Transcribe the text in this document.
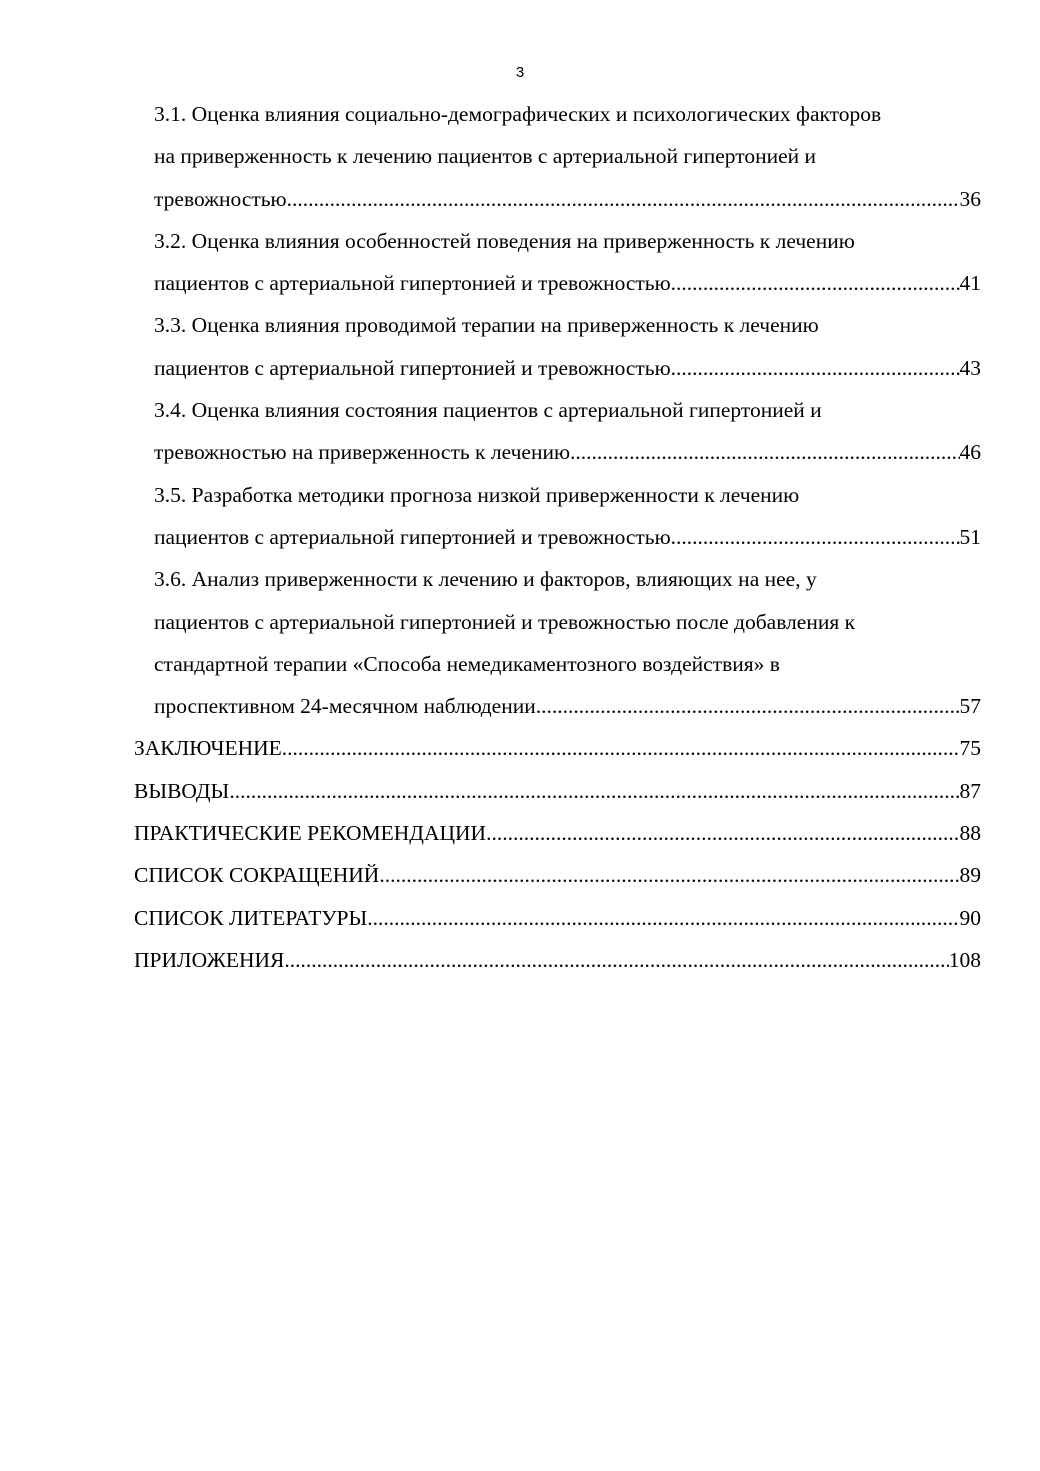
3
3.1. Оценка влияния социально-демографических и психологических факторов
на приверженность к лечению пациентов с артериальной гипертонией и
тревожностью .....	36
3.2. Оценка влияния особенностей поведения на приверженность к лечению
пациентов с артериальной гипертонией и тревожностью .....	41
3.3. Оценка влияния проводимой терапии на приверженность к лечению
пациентов с артериальной гипертонией и тревожностью .....	43
3.4. Оценка влияния состояния пациентов с артериальной гипертонией и
тревожностью на приверженность к лечению .....	46
3.5. Разработка методики прогноза низкой приверженности к лечению
пациентов с артериальной гипертонией и тревожностью .....	51
3.6. Анализ приверженности к лечению и факторов, влияющих на нее, у
пациентов с артериальной гипертонией и тревожностью после добавления к
стандартной терапии «Способа немедикаментозного воздействия» в
проспективном 24-месячном наблюдении .....	57
ЗАКЛЮЧЕНИЕ .....	75
ВЫВОДЫ .....	87
ПРАКТИЧЕСКИЕ РЕКОМЕНДАЦИИ .....	88
СПИСОК СОКРАЩЕНИЙ .....	89
СПИСОК ЛИТЕРАТУРЫ .....	90
ПРИЛОЖЕНИЯ .....	108
